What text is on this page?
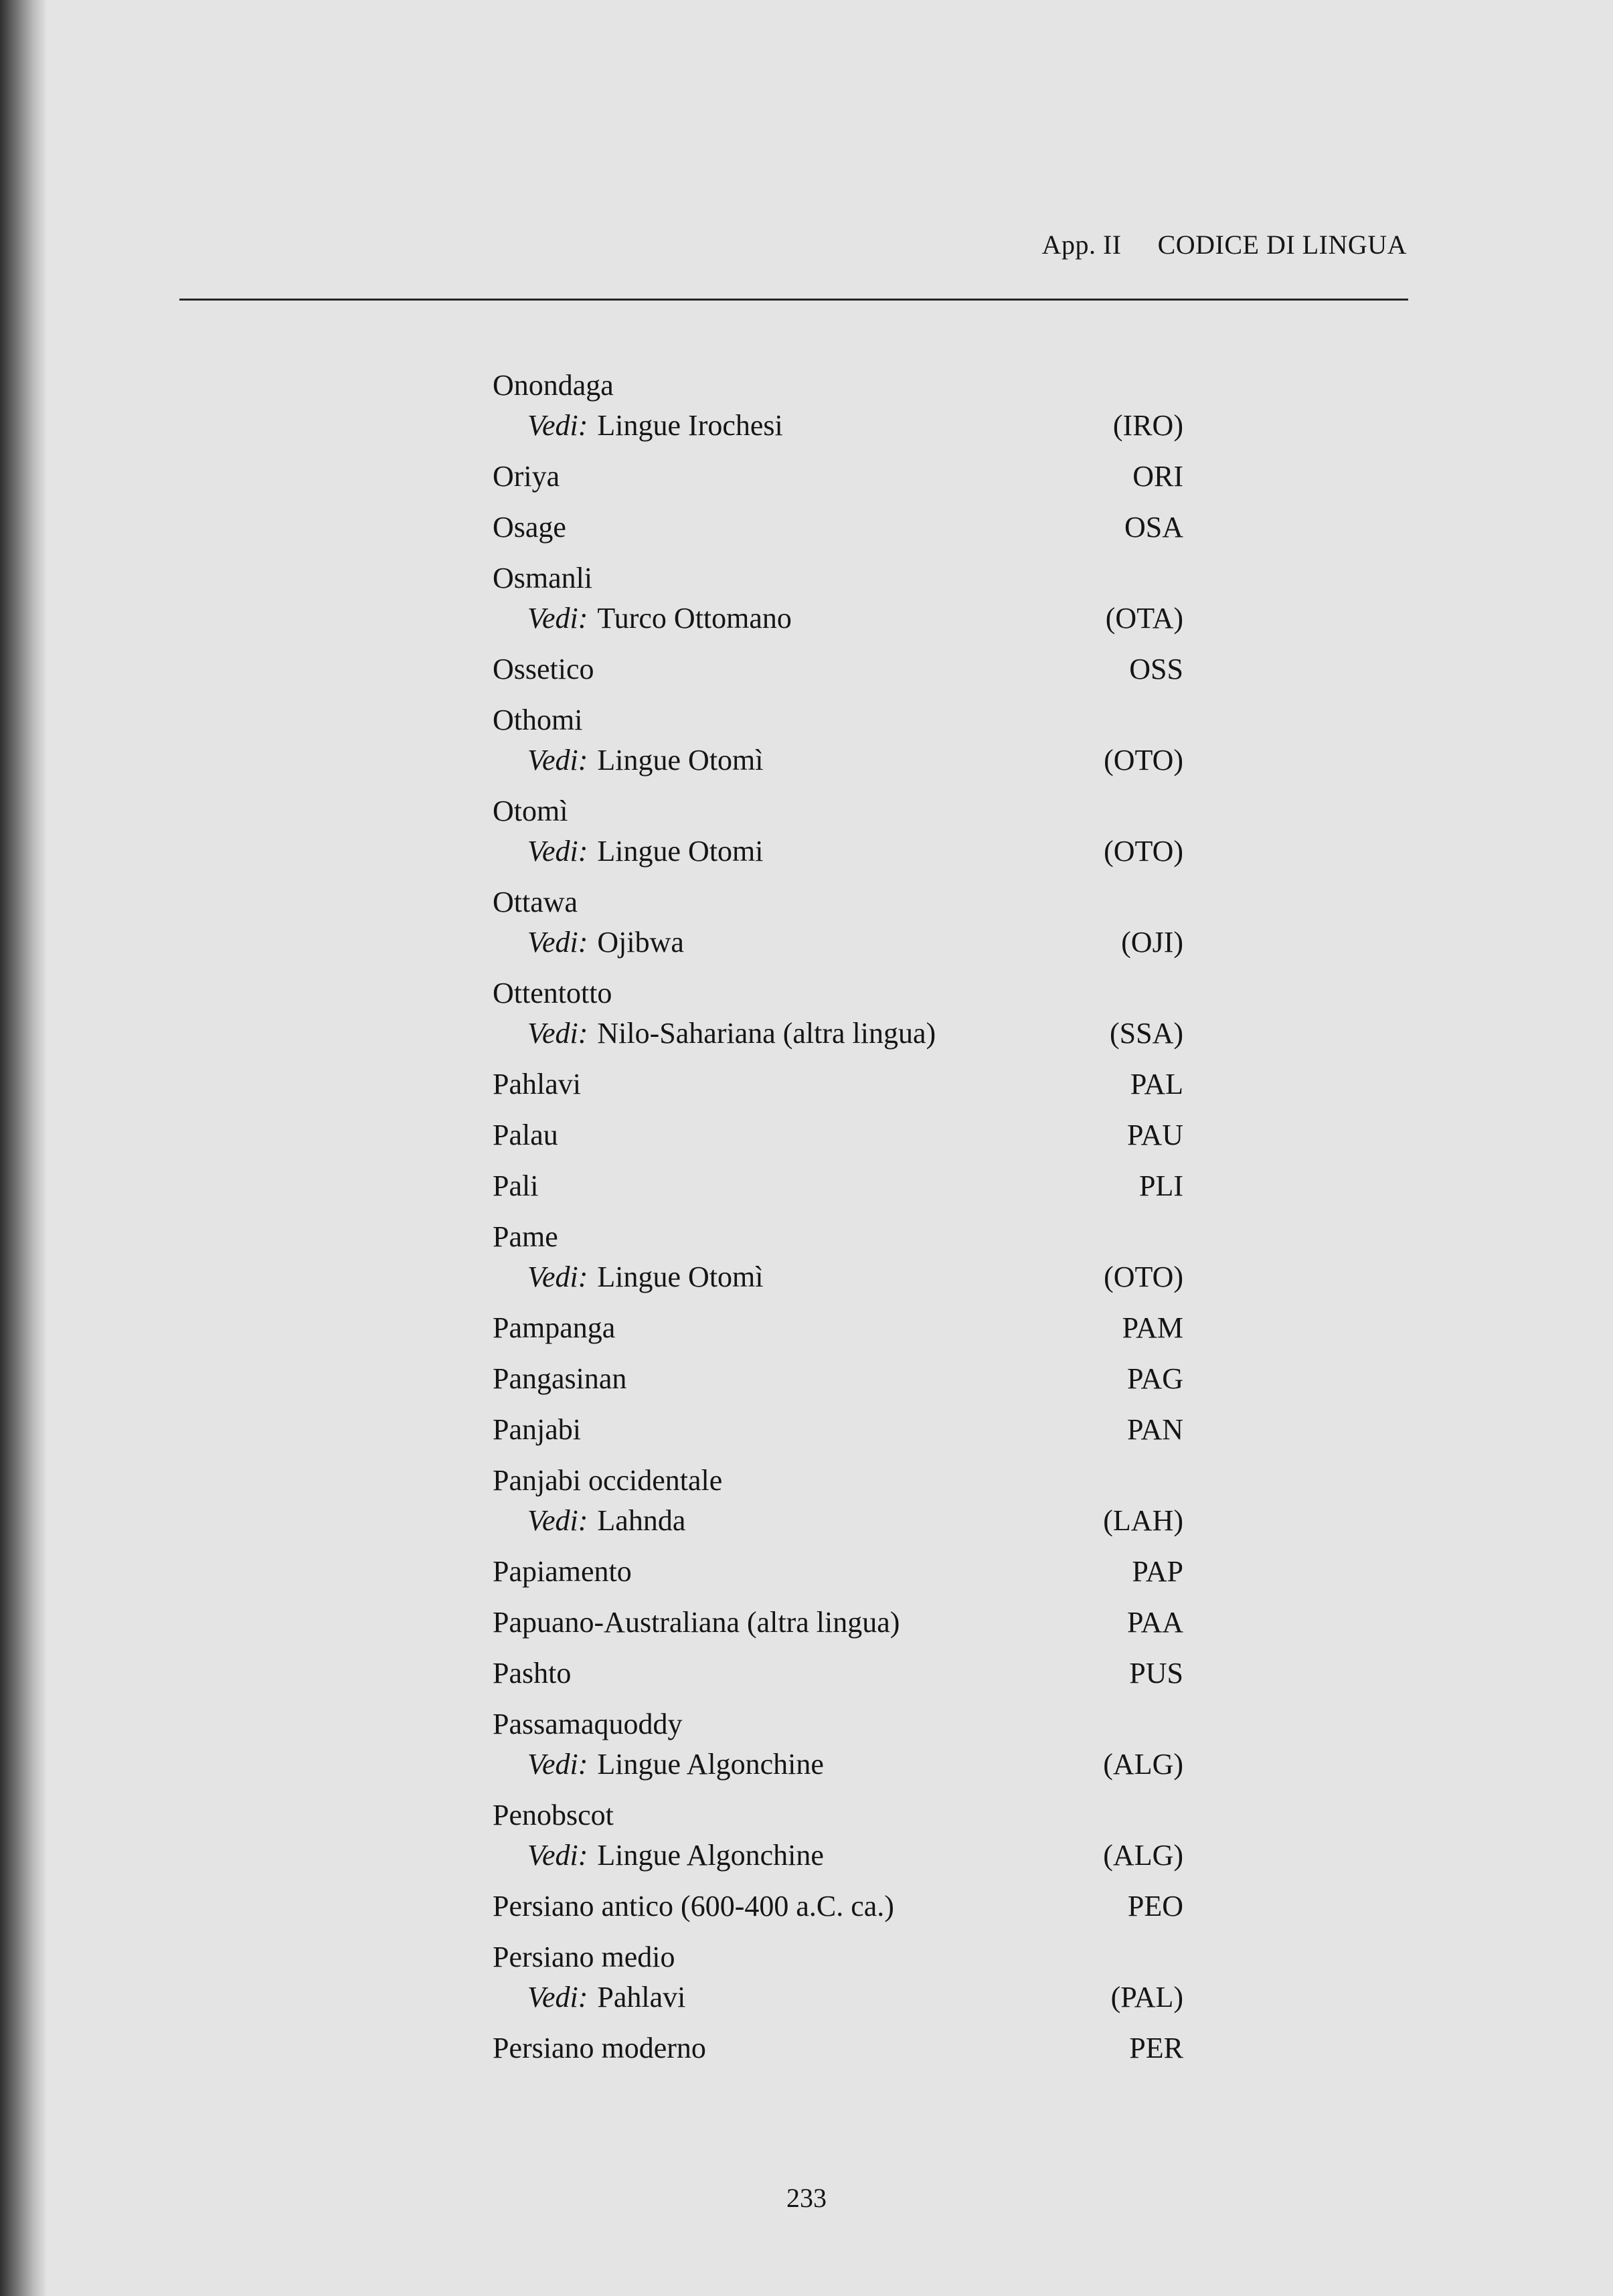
App. II CODICE DI LINGUA
Onondaga
Vedi: Lingue Irochesi	(IRO)
Oriya	ORI
Osage	OSA
Osmanli
Vedi: Turco Ottomano	(OTA)
Ossetico	OSS
Othomi
Vedi: Lingue Otomì	(OTO)
Otomì
Vedi: Lingue Otomi	(OTO)
Ottawa
Vedi: Ojibwa	(OJI)
Ottentotto
Vedi: Nilo-Sahariana (altra lingua)	(SSA)
Pahlavi	PAL
Palau	PAU
Pali	PLI
Pame
Vedi: Lingue Otomì	(OTO)
Pampanga	PAM
Pangasinan	PAG
Panjabi	PAN
Panjabi occidentale
Vedi: Lahnda	(LAH)
Papiamento	PAP
Papuano-Australiana (altra lingua)	PAA
Pashto	PUS
Passamaquoddy
Vedi: Lingue Algonchine	(ALG)
Penobscot
Vedi: Lingue Algonchine	(ALG)
Persiano antico (600-400 a.C. ca.)	PEO
Persiano medio
Vedi: Pahlavi	(PAL)
Persiano moderno	PER
233
